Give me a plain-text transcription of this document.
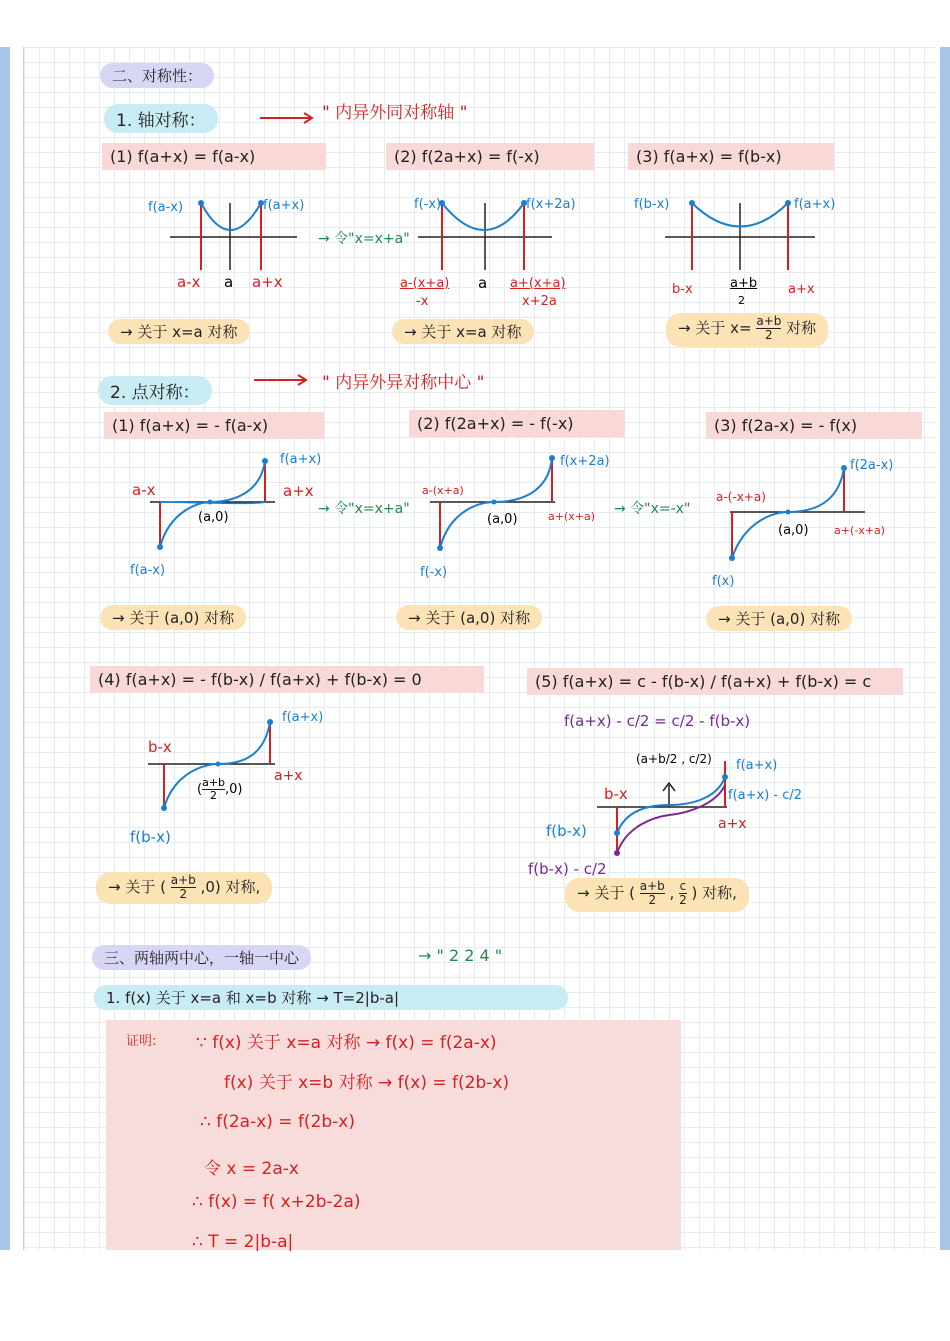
二、对称性：
1. 轴对称：	" 内异外同对称轴 "
(1) f(a+x) = f(a-x)	(2) f(2a+x) = f(-x)	(3) f(a+x) = f(b-x)
f(a-x)	f(a+x)
a-x a a+x
→ 令"x=x+a"
f(-x)	f(x+2a)
a-(x+a)
-x
a a+(x+a)
x+2a
f(b-x)	f(a+x)
b-x	a+b
2
a+x
→ 关于 x=a 对称	→ 关于 x=a 对称	→ 关于 $x= \frac{a+b}{2}$ 对称
2. 点对称：	" 内异外异对称中心 "
(1) f(a+x) = - f(a-x)	(2) f(2a+x) = - f(-x)	(3) f(2a-x) = - f(x)
f(a+x)
f(a-x)
a-x	a+x
(a,0)
→ 令"x=x+a"
f(x+2a)
f(-x)
a-(x+a)
a+(x+a)
(a,0)
→ 令"x=-x"
f(2a-x)
f(x)
a-(-x+a)
a+(-x+a)
(a,0)
→ 关于 (a,0) 对称	→ 关于 (a,0) 对称	→ 关于 (a,0) 对称
(4) f(a+x) = - f(b-x) / f(a+x) + f(b-x) = 0
f(a+x)
f(b-x)
b-x
a+x
( $\frac{a+b}{2} ,0$)
→ 关于 ( $\frac{a+b}{2} ,0$) 对称,
(5) f(a+x) = c - f(b-x) / f(a+x) + f(b-x) = c
f(a+x) - c/2 = c/2 - f(b-x)
(a+b/2 , c/2) f(a+x)
f(a+x) - c/2
b-x
a+x
f(b-x)
f(b-x) - c/2
→ 关于 ( $\frac{a+b}{2}$ , $\frac{c}{2}$ ) 对称,
三、两轴两中心，一轴一中心	→ " 2 2 4 "
1. f(x) 关于 x=a 和 x=b 对称 → T=2|b-a|
证明: ∵ f(x) 关于 x=a 对称 → f(x) = f(2a-x)
f(x) 关于 x=b 对称 → f(x) = f(2b-x)
∴ f(2a-x) = f(2b-x)
令 x = 2a-x
∴ f(x) = f( x+2b-2a)
∴ T = 2|b-a|
